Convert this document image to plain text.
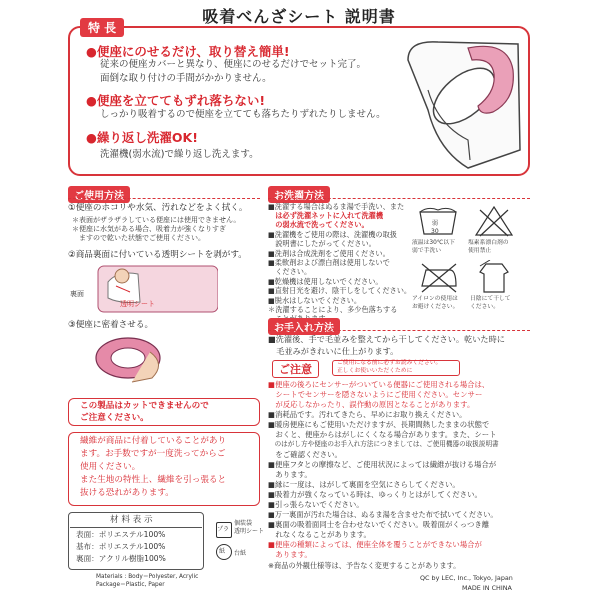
吸着べんざシート 説明書
特 長
●便座にのせるだけ、取り替え簡単!
従来の便座カバーと異なり、便座にのせるだけでセット完了。
面倒な取り付けの手間がかかりません。
●便座を立ててもずれ落ちない!
しっかり吸着するので便座を立てても落ちたりずれたりしません。
●繰り返し洗濯OK!
洗濯機(弱水流)で繰り返し洗えます。
ご使用方法
①便座のホコリや水気、汚れなどをよく拭く。
＊表面がザラザラしている便座には使用できません。
＊便座に水気がある場合、吸着力が強くなりすぎ
　ますので乾いた状態でご使用ください。
②商品裏面に付いている透明シートを剥がす。
裏面
透明シート
③便座に密着させる。
この製品はカットできませんので
ご注意ください。
繊維が商品に付着していることがあり
ます。お手数ですが一度洗ってからご
使用ください。
また生地の特性上、繊維を引っ張ると
抜ける恐れがあります。
材 料 表 示
表面：ポリエステル100%
基布：ポリエステル100%
裏面：アクリル樹脂100%
プラ
個装袋
透明シート
紙 台紙
Materials : Body＝Polyester, Acrylic
Package＝Plastic, Paper
お洗濯方法
■洗濯する場合はぬるま湯で手洗い、また
　は必ず洗濯ネットに入れて洗濯機
　の弱水流で洗ってください。
■洗濯機をご使用の際は、洗濯機の取扱
　説明書にしたがってください。
■洗剤は合成洗剤をご使用ください。
■柔軟剤および漂白剤は使用しないで
　ください。
■乾燥機は使用しないでください。
■直射日光を避け、陰干しをしてください。
■脱水はしないでください。
＊洗濯することにより、多少色落ちする
弱
30
液温は30℃以下
弱で手洗い
塩素系漂白剤の
使用禁止
アイロンの使用は
お避けください。
日陰にて干して
ください。
お手入れ方法
■洗濯後、手で毛並みを整えてから干してください。乾いた時に
　毛並みがきれいに仕上がります。
ご注意	ご使用になる前に必ずお読みください。
正しくお使いいただくために
■便座の後ろにセンサーがついている便器にご使用される場合は、
　シートでセンサーを隠さないようにご使用ください。センサー
　が反応しなかったり、誤作動の原因となることがあります。
■消耗品です。汚れてきたら、早めにお取り換えください。
■暖房便座にもご使用いただけますが、長期間熱したままの状態で
　おくと、便座からはがしにくくなる場合があります。また、シート
　のはがし方や便座のお手入れ方法につきましては、ご使用機器の取扱説明書
　をご確認ください。
■便座フタとの摩擦など、ご使用状況によっては繊維が抜ける場合が
　あります。
■縁に一度は、はがして裏面を空気にさらしてください。
■吸着力が強くなっている時は、ゆっくりとはがしてください。
■引っ張らないでください。
■万一裏面が汚れた場合は、ぬるま湯を含ませた布で拭いてください。
■裏面の吸着面同士を合わせないでください。吸着面がくっつき離
　れなくなることがあります。
■便座の種類によっては、便座全体を覆うことができない場合が
　あります。
※商品の外観仕様等は、予告なく変更することがあります。
QC by LEC, Inc., Tokyo, Japan
MADE IN CHINA
